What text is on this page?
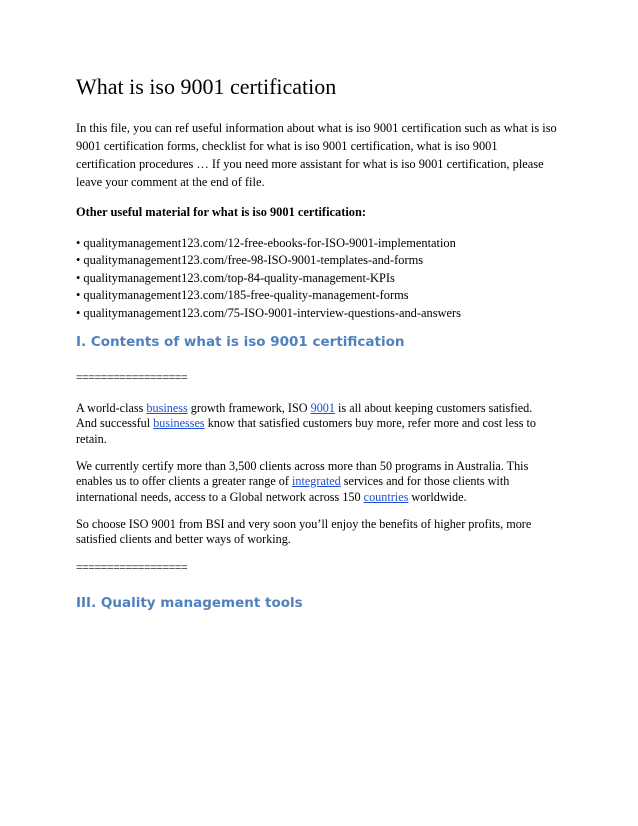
What is iso 9001 certification

In this file, you can ref useful information about what is iso 9001 certification such as what is iso
9001 certification forms, checklist for what is iso 9001 certification, what is iso 9001
certification procedures … If you need more assistant for what is iso 9001 certification, please
leave your comment at the end of file.

Other useful material for what is iso 9001 certification:

• qualitymanagement123.com/12-free-ebooks-for-ISO-9001-implementation
• qualitymanagement123.com/free-98-ISO-9001-templates-and-forms
• qualitymanagement123.com/top-84-quality-management-KPIs
• qualitymanagement123.com/185-free-quality-management-forms
• qualitymanagement123.com/75-ISO-9001-interview-questions-and-answers
I. Contents of what is iso 9001 certification

==================

A world-class business growth framework, ISO 9001 is all about keeping customers satisfied.
And successful businesses know that satisfied customers buy more, refer more and cost less to
retain.

We currently certify more than 3,500 clients across more than 50 programs in Australia. This
enables us to offer clients a greater range of integrated services and for those clients with
international needs, access to a Global network across 150 countries worldwide.

So choose ISO 9001 from BSI and very soon you’ll enjoy the benefits of higher profits, more
satisfied clients and better ways of working.

==================

III. Quality management tools
